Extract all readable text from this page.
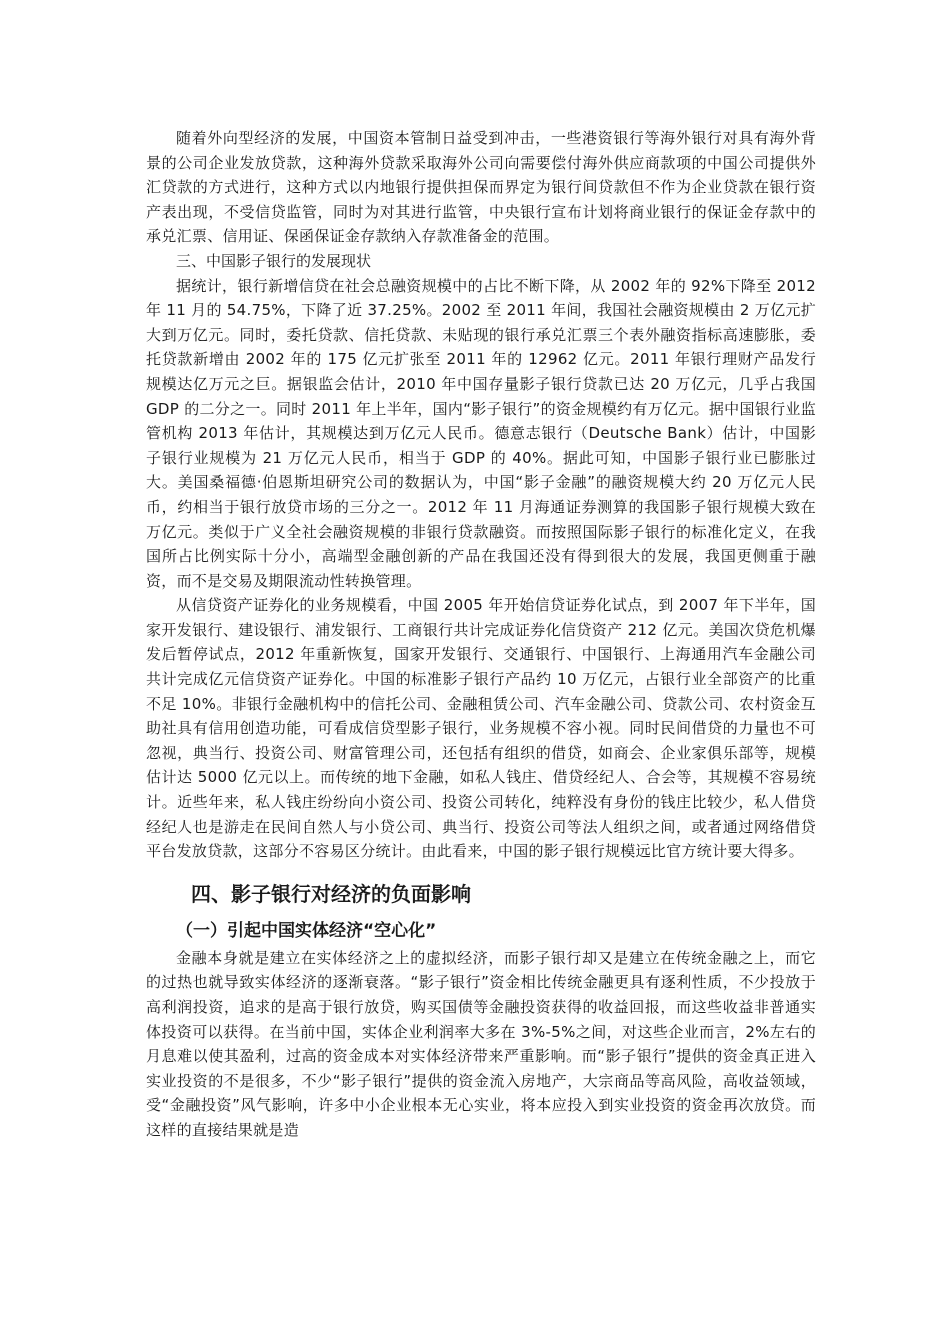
随着外向型经济的发展，中国资本管制日益受到冲击，一些港资银行等海外银行对具有海外背景的公司企业发放贷款，这种海外贷款采取海外公司向需要偿付海外供应商款项的中国公司提供外汇贷款的方式进行，这种方式以内地银行提供担保而界定为银行间贷款但不作为企业贷款在银行资产表出现，不受信贷监管，同时为对其进行监管，中央银行宣布计划将商业银行的保证金存款中的承兑汇票、信用证、保函保证金存款纳入存款准备金的范围。

三、中国影子银行的发展现状

据统计，银行新增信贷在社会总融资规模中的占比不断下降，从 2002 年的 92%下降至 2012 年 11 月的 54.75%，下降了近 37.25%。2002 至 2011 年间，我国社会融资规模由 2 万亿元扩大到万亿元。同时，委托贷款、信托贷款、未贴现的银行承兑汇票三个表外融资指标高速膨胀，委托贷款新增由 2002 年的 175 亿元扩张至 2011 年的 12962 亿元。2011 年银行理财产品发行规模达亿万元之巨。据银监会估计，2010 年中国存量影子银行贷款已达 20 万亿元，几乎占我国 GDP 的二分之一。同时 2011 年上半年，国内“影子银行”的资金规模约有万亿元。据中国银行业监管机构 2013 年估计，其规模达到万亿元人民币。德意志银行（Deutsche Bank）估计，中国影子银行业规模为 21 万亿元人民币，相当于 GDP 的 40%。据此可知，中国影子银行业已膨胀过大。美国桑福德·伯恩斯坦研究公司的数据认为，中国“影子金融”的融资规模大约 20 万亿元人民币，约相当于银行放贷市场的三分之一。2012 年 11 月海通证券测算的我国影子银行规模大致在万亿元。类似于广义全社会融资规模的非银行贷款融资。而按照国际影子银行的标准化定义，在我国所占比例实际十分小，高端型金融创新的产品在我国还没有得到很大的发展，我国更侧重于融资，而不是交易及期限流动性转换管理。

从信贷资产证券化的业务规模看，中国 2005 年开始信贷证券化试点，到 2007 年下半年，国家开发银行、建设银行、浦发银行、工商银行共计完成证券化信贷资产 212 亿元。美国次贷危机爆发后暂停试点，2012 年重新恢复，国家开发银行、交通银行、中国银行、上海通用汽车金融公司共计完成亿元信贷资产证券化。中国的标准影子银行产品约 10 万亿元，占银行业全部资产的比重不足 10%。非银行金融机构中的信托公司、金融租赁公司、汽车金融公司、贷款公司、农村资金互助社具有信用创造功能，可看成信贷型影子银行，业务规模不容小视。同时民间借贷的力量也不可忽视，典当行、投资公司、财富管理公司，还包括有组织的借贷，如商会、企业家俱乐部等，规模估计达 5000 亿元以上。而传统的地下金融，如私人钱庄、借贷经纪人、合会等，其规模不容易统计。近些年来，私人钱庄纷纷向小资公司、投资公司转化，纯粹没有身份的钱庄比较少，私人借贷经纪人也是游走在民间自然人与小贷公司、典当行、投资公司等法人组织之间，或者通过网络借贷平台发放贷款，这部分不容易区分统计。由此看来，中国的影子银行规模远比官方统计要大得多。

四、影子银行对经济的负面影响
（一）引起中国实体经济“空心化”

金融本身就是建立在实体经济之上的虚拟经济，而影子银行却又是建立在传统金融之上，而它的过热也就导致实体经济的逐渐衰落。“影子银行”资金相比传统金融更具有逐利性质，不少投放于高利润投资，追求的是高于银行放贷，购买国债等金融投资获得的收益回报，而这些收益非普通实体投资可以获得。在当前中国，实体企业利润率大多在 3%-5%之间，对这些企业而言，2%左右的月息难以使其盈利，过高的资金成本对实体经济带来严重影响。而“影子银行”提供的资金真正进入实业投资的不是很多，不少“影子银行”提供的资金流入房地产，大宗商品等高风险，高收益领域，受“金融投资”风气影响，许多中小企业根本无心实业，将本应投入到实业投资的资金再次放贷。而这样的直接结果就是造
